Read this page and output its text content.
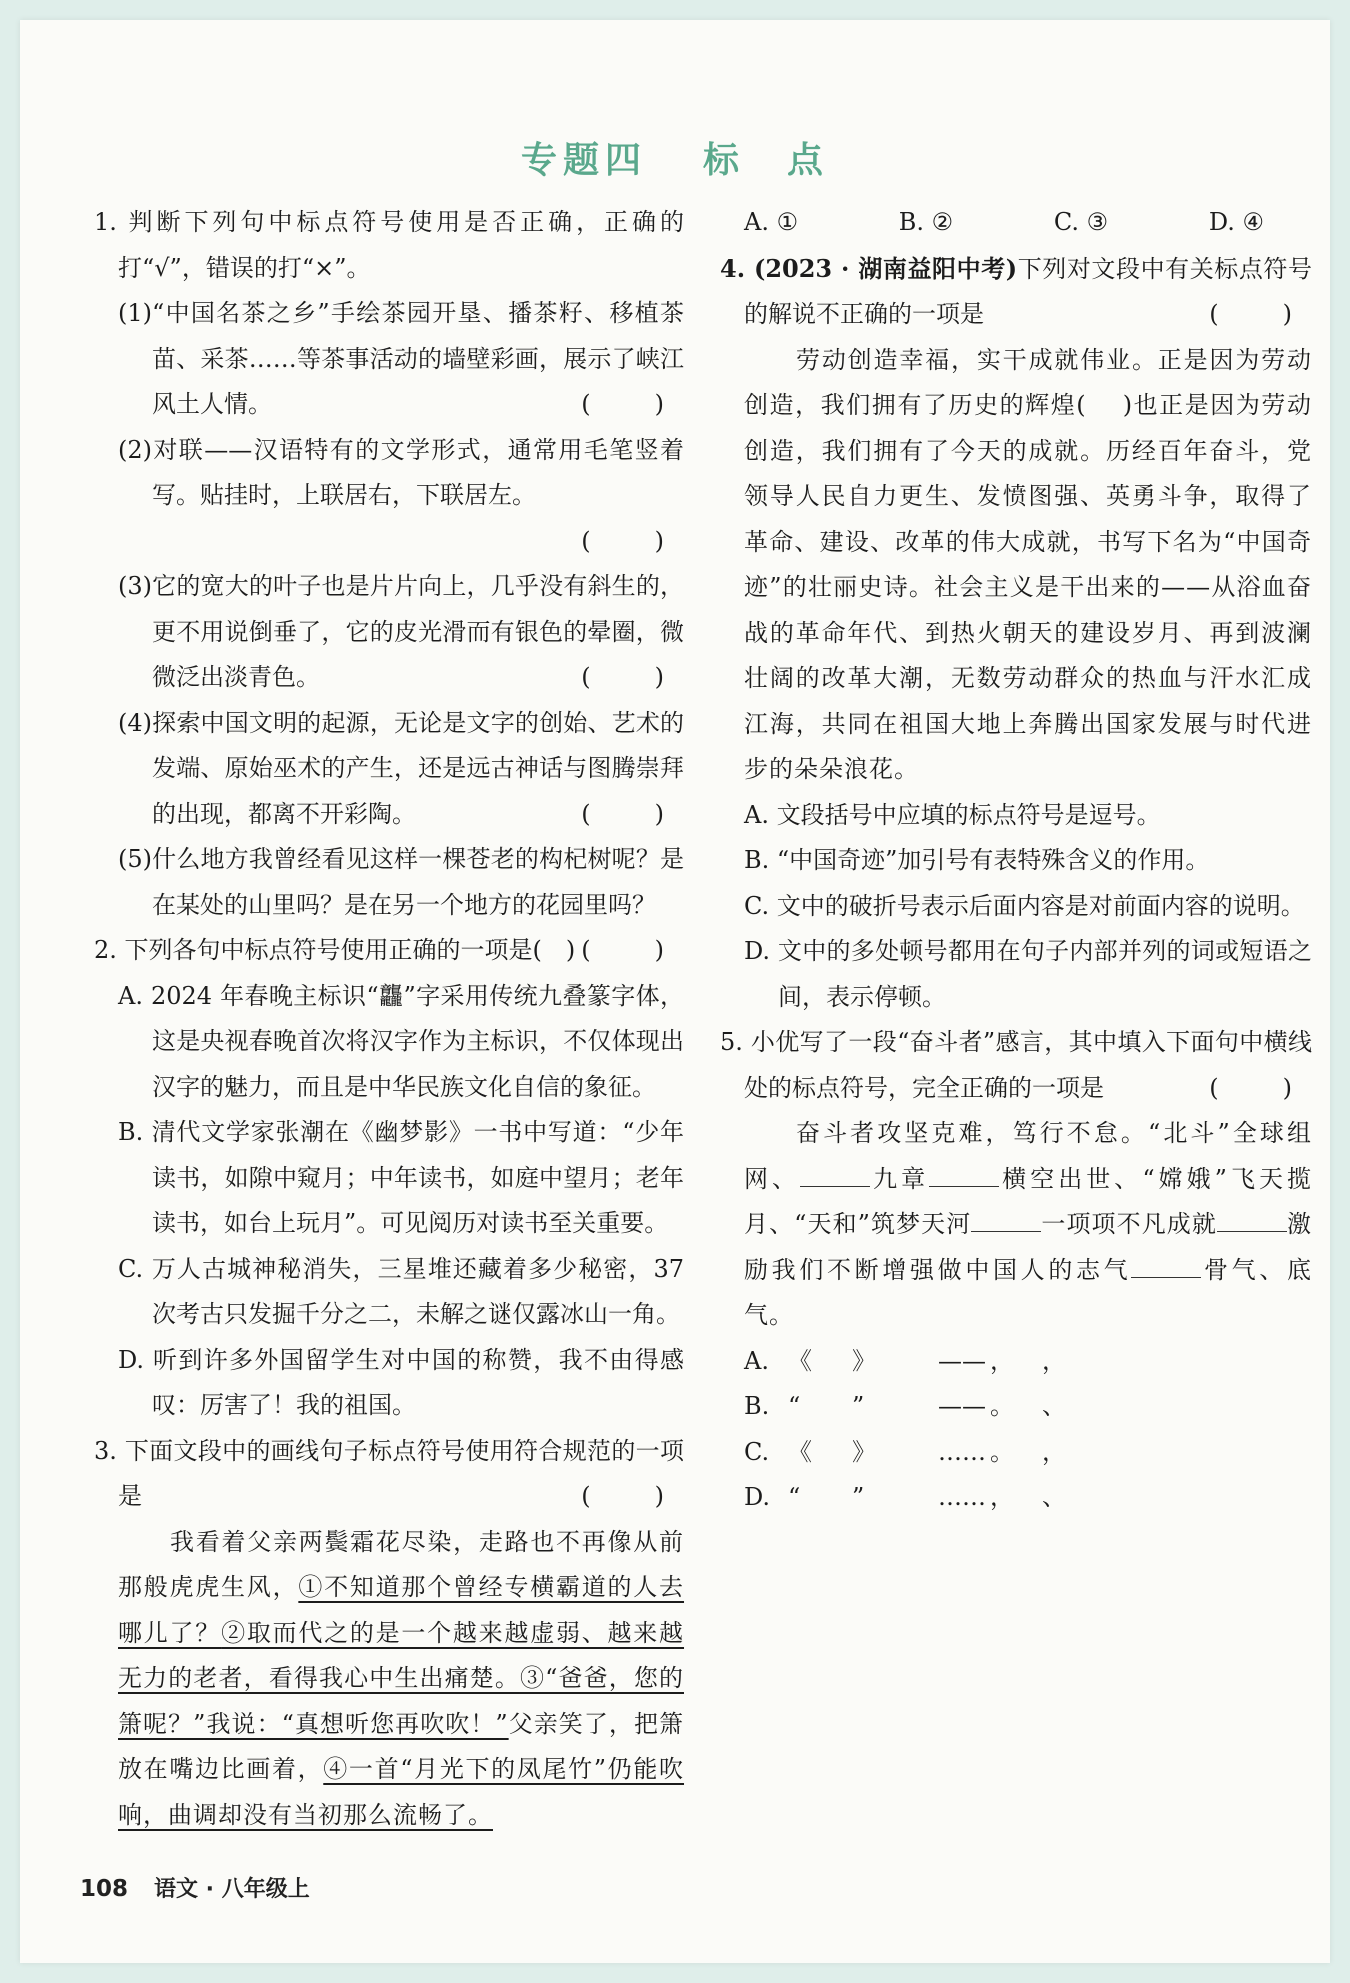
专题四 标　点

1. 判断下列句中标点符号使用是否正确，正确的打“√”，错误的打“×”。

(1)“中国名茶之乡”手绘茶园开垦、播茶籽、移植茶苗、采茶……等茶事活动的墙壁彩画，展示了峡江风土人情。	(　)

(2)对联——汉语特有的文学形式，通常用毛笔竖着写。贴挂时，上联居右，下联居左。

(　)

(3)它的宽大的叶子也是片片向上，几乎没有斜生的，更不用说倒垂了，它的皮光滑而有银色的晕圈，微微泛出淡青色。	(　)

(4)探索中国文明的起源，无论是文字的创始、艺术的发端、原始巫术的产生，还是远古神话与图腾崇拜的出现，都离不开彩陶。	(　)

(5)什么地方我曾经看见这样一棵苍老的构杞树呢？是在某处的山里吗？是在另一个地方的花园里吗？
(　)

2. 下列各句中标点符号使用正确的一项是(　)

A. 2024 年春晚主标识“龘”字采用传统九叠篆字体，这是央视春晚首次将汉字作为主标识，不仅体现出汉字的魅力，而且是中华民族文化自信的象征。

B. 清代文学家张潮在《幽梦影》一书中写道：“少年读书，如隙中窥月；中年读书，如庭中望月；老年读书，如台上玩月”。可见阅历对读书至关重要。

C. 万人古城神秘消失，三星堆还藏着多少秘密，37 次考古只发掘千分之二，未解之谜仅露冰山一角。

D. 听到许多外国留学生对中国的称赞，我不由得感叹：厉害了！我的祖国。

3. 下面文段中的画线句子标点符号使用符合规范的一项是	(　)

我看着父亲两鬓霜花尽染，走路也不再像从前那般虎虎生风，①不知道那个曾经专横霸道的人去哪儿了？②取而代之的是一个越来越虚弱、越来越无力的老者，看得我心中生出痛楚。③“爸爸，您的箫呢？”我说：“真想听您再吹吹！”父亲笑了，把箫放在嘴边比画着，④一首“月光下的凤尾竹”仍能吹响，曲调却没有当初那么流畅了。

A. ①	B. ②	C. ③	D. ④

4. (2023 · 湖南益阳中考)下列对文段中有关标点符号的解说不正确的一项是	(　)

劳动创造幸福，实干成就伟业。正是因为劳动创造，我们拥有了历史的辉煌( )也正是因为劳动创造，我们拥有了今天的成就。历经百年奋斗，党领导人民自力更生、发愤图强、英勇斗争，取得了革命、建设、改革的伟大成就，书写下名为“中国奇迹”的壮丽史诗。社会主义是干出来的——从浴血奋战的革命年代、到热火朝天的建设岁月、再到波澜壮阔的改革大潮，无数劳动群众的热血与汗水汇成江海，共同在祖国大地上奔腾出国家发展与时代进步的朵朵浪花。

A. 文段括号中应填的标点符号是逗号。

B. “中国奇迹”加引号有表特殊含义的作用。

C. 文中的破折号表示后面内容是对前面内容的说明。

D. 文中的多处顿号都用在句子内部并列的词或短语之间，表示停顿。

5. 小优写了一段“奋斗者”感言，其中填入下面句中横线处的标点符号，完全正确的一项是	(　)

奋斗者攻坚克难，笃行不怠。“北斗”全球组网、	九章	横空出世、“嫦娥”飞天揽月、“天和”筑梦天河	一项项不凡成就	激励我们不断增强做中国人的志气	骨气、底气。

A. 《 》	—— ， ，

B. “ ”	—— 。 、

C. 《 》	…… 。 ，

D. “ ”	…… ， 、

108 语文 · 八年级上
